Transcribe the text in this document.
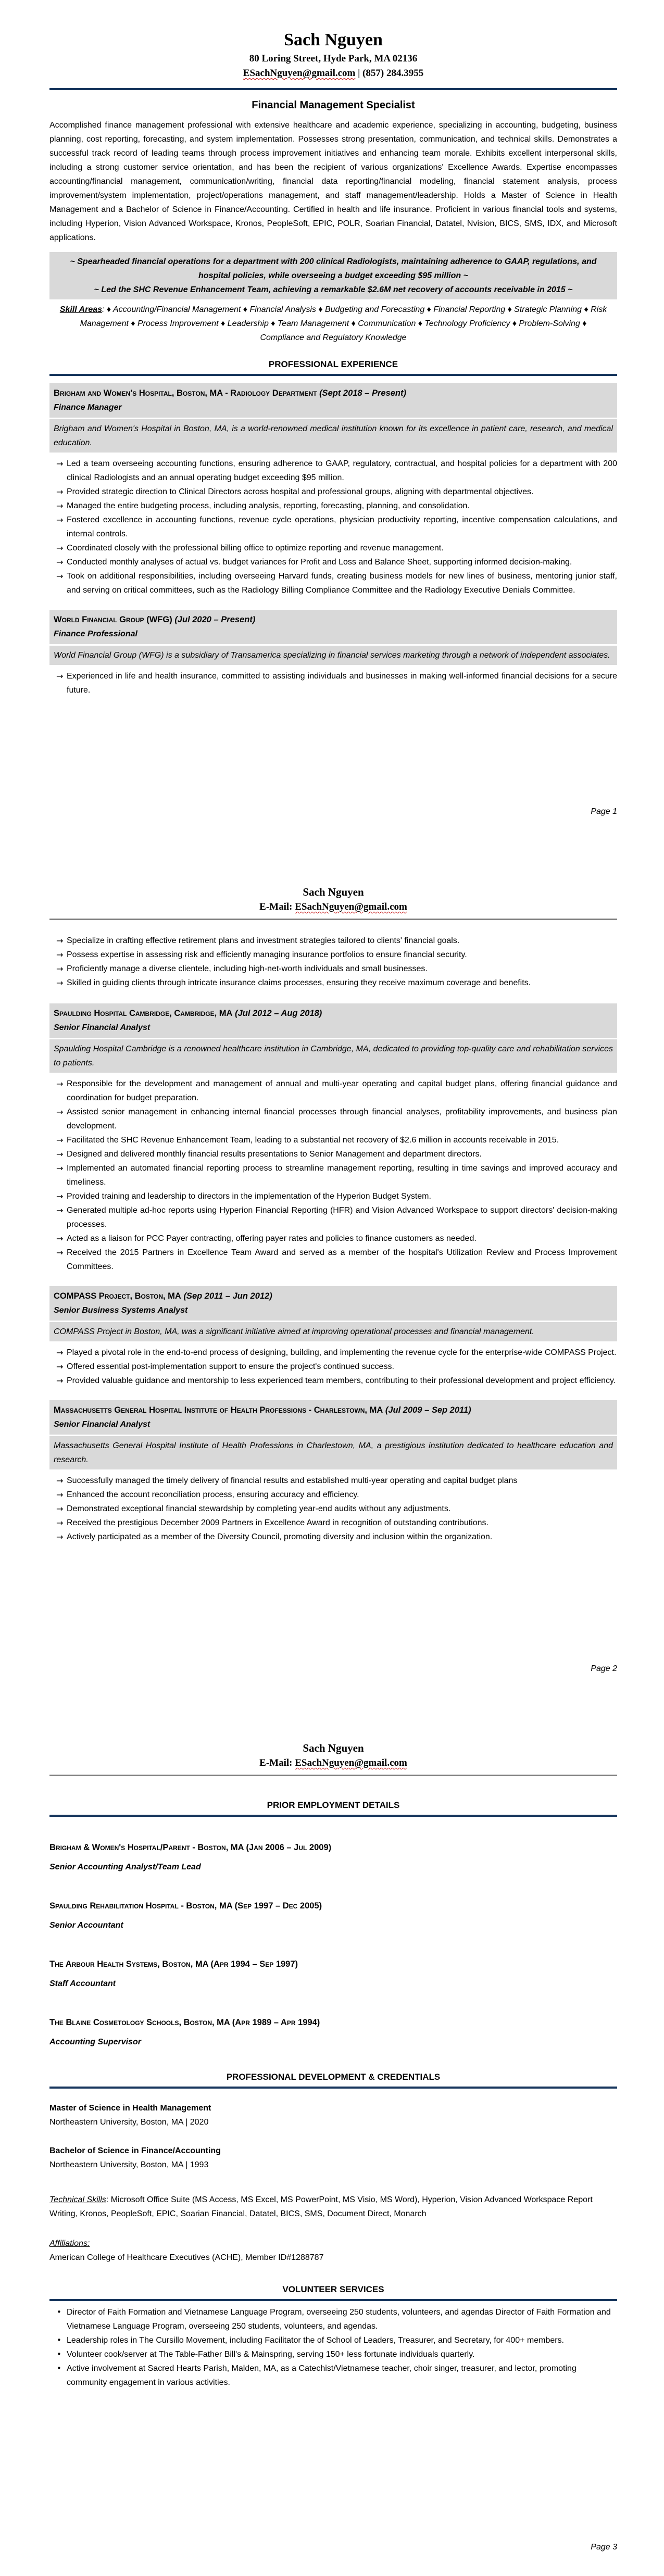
Sach Nguyen
80 Loring Street, Hyde Park, MA 02136
ESachNguyen@gmail.com | (857) 284.3955
Financial Management Specialist

Accomplished finance management professional with extensive healthcare and academic experience, specializing in accounting, budgeting, business planning, cost reporting, forecasting, and system implementation. Possesses strong presentation, communication, and technical skills. Demonstrates a successful track record of leading teams through process improvement initiatives and enhancing team morale. Exhibits excellent interpersonal skills, including a strong customer service orientation, and has been the recipient of various organizations' Excellence Awards. Expertise encompasses accounting/financial management, communication/writing, financial data reporting/financial modeling, financial statement analysis, process improvement/system implementation, project/operations management, and staff management/leadership. Holds a Master of Science in Health Management and a Bachelor of Science in Finance/Accounting. Certified in health and life insurance. Proficient in various financial tools and systems, including Hyperion, Vision Advanced Workspace, Kronos, PeopleSoft, EPIC, POLR, Soarian Financial, Datatel, Nvision, BICS, SMS, IDX, and Microsoft applications.

~ Spearheaded financial operations for a department with 200 clinical Radiologists, maintaining adherence to GAAP, regulations, and hospital policies, while overseeing a budget exceeding $95 million ~

~ Led the SHC Revenue Enhancement Team, achieving a remarkable $2.6M net recovery of accounts receivable in 2015 ~

Skill Areas: ♦ Accounting/Financial Management ♦ Financial Analysis ♦ Budgeting and Forecasting ♦ Financial Reporting ♦ Strategic Planning ♦ Risk Management ♦ Process Improvement ♦ Leadership ♦ Team Management ♦ Communication ♦ Technology Proficiency ♦ Problem-Solving ♦ Compliance and Regulatory Knowledge

PROFESSIONAL EXPERIENCE
Brigham and Women's Hospital, Boston, MA - Radiology Department (Sept 2018 – Present)
Finance Manager
Brigham and Women's Hospital in Boston, MA, is a world-renowned medical institution known for its excellence in patient care, research, and medical education.
→ Led a team overseeing accounting functions, ensuring adherence to GAAP, regulatory, contractual, and hospital policies for a department with 200 clinical Radiologists and an annual operating budget exceeding $95 million.
→ Provided strategic direction to Clinical Directors across hospital and professional groups, aligning with departmental objectives.
→ Managed the entire budgeting process, including analysis, reporting, forecasting, planning, and consolidation.
→ Fostered excellence in accounting functions, revenue cycle operations, physician productivity reporting, incentive compensation calculations, and internal controls.
→ Coordinated closely with the professional billing office to optimize reporting and revenue management.
→ Conducted monthly analyses of actual vs. budget variances for Profit and Loss and Balance Sheet, supporting informed decision-making.
→ Took on additional responsibilities, including overseeing Harvard funds, creating business models for new lines of business, mentoring junior staff, and serving on critical committees, such as the Radiology Billing Compliance Committee and the Radiology Executive Denials Committee.
World Financial Group (WFG) (Jul 2020 – Present)
Finance Professional
World Financial Group (WFG) is a subsidiary of Transamerica specializing in financial services marketing through a network of independent associates.
→ Experienced in life and health insurance, committed to assisting individuals and businesses in making well-informed financial decisions for a secure future.
Page 1
Sach Nguyen
E-Mail: ESachNguyen@gmail.com
→ Specialize in crafting effective retirement plans and investment strategies tailored to clients' financial goals.
→ Possess expertise in assessing risk and efficiently managing insurance portfolios to ensure financial security.
→ Proficiently manage a diverse clientele, including high-net-worth individuals and small businesses.
→ Skilled in guiding clients through intricate insurance claims processes, ensuring they receive maximum coverage and benefits.
Spaulding Hospital Cambridge, Cambridge, MA (Jul 2012 – Aug 2018)
Senior Financial Analyst
Spaulding Hospital Cambridge is a renowned healthcare institution in Cambridge, MA, dedicated to providing top-quality care and rehabilitation services to patients.
→ Responsible for the development and management of annual and multi-year operating and capital budget plans, offering financial guidance and coordination for budget preparation.
→ Assisted senior management in enhancing internal financial processes through financial analyses, profitability improvements, and business plan development.
→ Facilitated the SHC Revenue Enhancement Team, leading to a substantial net recovery of $2.6 million in accounts receivable in 2015.
→ Designed and delivered monthly financial results presentations to Senior Management and department directors.
→ Implemented an automated financial reporting process to streamline management reporting, resulting in time savings and improved accuracy and timeliness.
→ Provided training and leadership to directors in the implementation of the Hyperion Budget System.
→ Generated multiple ad-hoc reports using Hyperion Financial Reporting (HFR) and Vision Advanced Workspace to support directors' decision-making processes.
→ Acted as a liaison for PCC Payer contracting, offering payer rates and policies to finance customers as needed.
→ Received the 2015 Partners in Excellence Team Award and served as a member of the hospital's Utilization Review and Process Improvement Committees.
COMPASS Project, Boston, MA (Sep 2011 – Jun 2012)
Senior Business Systems Analyst
COMPASS Project in Boston, MA, was a significant initiative aimed at improving operational processes and financial management.
→ Played a pivotal role in the end-to-end process of designing, building, and implementing the revenue cycle for the enterprise-wide COMPASS Project.
→ Offered essential post-implementation support to ensure the project's continued success.
→ Provided valuable guidance and mentorship to less experienced team members, contributing to their professional development and project efficiency.
Massachusetts General Hospital Institute of Health Professions - Charlestown, MA (Jul 2009 – Sep 2011)
Senior Financial Analyst
Massachusetts General Hospital Institute of Health Professions in Charlestown, MA, a prestigious institution dedicated to healthcare education and research.
→ Successfully managed the timely delivery of financial results and established multi-year operating and capital budget plans
→ Enhanced the account reconciliation process, ensuring accuracy and efficiency.
→ Demonstrated exceptional financial stewardship by completing year-end audits without any adjustments.
→ Received the prestigious December 2009 Partners in Excellence Award in recognition of outstanding contributions.
→ Actively participated as a member of the Diversity Council, promoting diversity and inclusion within the organization.
Page 2
Sach Nguyen
E-Mail: ESachNguyen@gmail.com
PRIOR EMPLOYMENT DETAILS
Brigham & Women's Hospital/Parent - Boston, MA (Jan 2006 – Jul 2009)
Senior Accounting Analyst/Team Lead
Spaulding Rehabilitation Hospital - Boston, MA (Sep 1997 – Dec 2005)
Senior Accountant
The Arbour Health Systems, Boston, MA (Apr 1994 – Sep 1997)
Staff Accountant
The Blaine Cosmetology Schools, Boston, MA (Apr 1989 – Apr 1994)
Accounting Supervisor
PROFESSIONAL DEVELOPMENT & CREDENTIALS
Master of Science in Health Management
Northeastern University, Boston, MA | 2020
Bachelor of Science in Finance/Accounting
Northeastern University, Boston, MA | 1993

Technical Skills: Microsoft Office Suite (MS Access, MS Excel, MS PowerPoint, MS Visio, MS Word), Hyperion, Vision Advanced Workspace Report Writing, Kronos, PeopleSoft, EPIC, Soarian Financial, Datatel, BICS, SMS, Document Direct, Monarch

Affiliations:
American College of Healthcare Executives (ACHE), Member ID#1288787
VOLUNTEER SERVICES
• Director of Faith Formation and Vietnamese Language Program, overseeing 250 students, volunteers, and agendas Director of Faith Formation and Vietnamese Language Program, overseeing 250 students, volunteers, and agendas.
• Leadership roles in The Cursillo Movement, including Facilitator the of School of Leaders, Treasurer, and Secretary, for 400+ members.
• Volunteer cook/server at The Table-Father Bill's & Mainspring, serving 150+ less fortunate individuals quarterly.
• Active involvement at Sacred Hearts Parish, Malden, MA, as a Catechist/Vietnamese teacher, choir singer, treasurer, and lector, promoting community engagement in various activities.
Page 3
